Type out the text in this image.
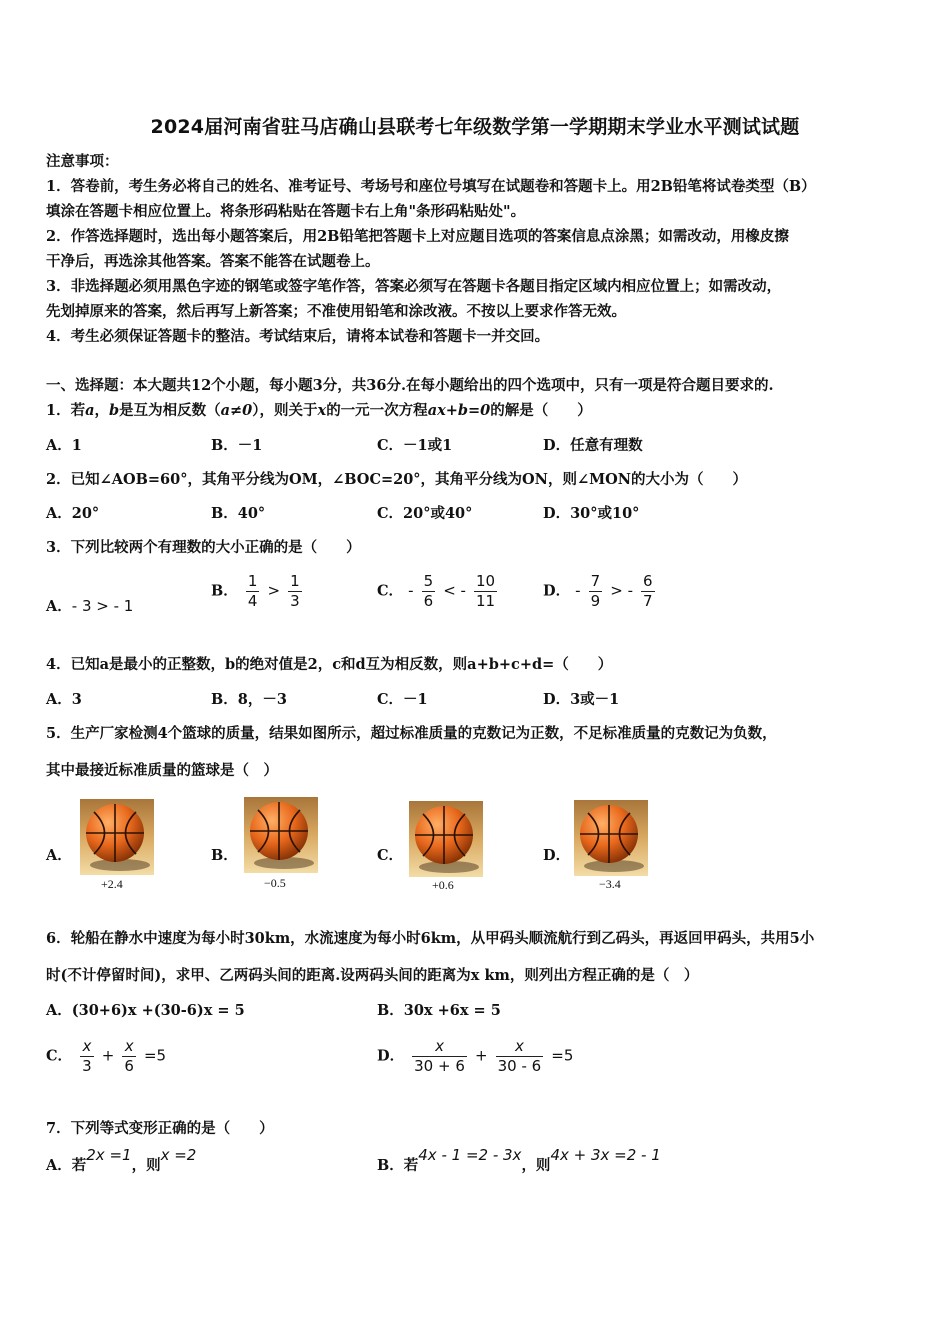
2024届河南省驻马店确山县联考七年级数学第一学期期末学业水平测试试题
注意事项：
1．答卷前，考生务必将自己的姓名、准考证号、考场号和座位号填写在试题卷和答题卡上。用2B铅笔将试卷类型（B）
填涂在答题卡相应位置上。将条形码粘贴在答题卡右上角"条形码粘贴处"。
2．作答选择题时，选出每小题答案后，用2B铅笔把答题卡上对应题目选项的答案信息点涂黑；如需改动，用橡皮擦
干净后，再选涂其他答案。答案不能答在试题卷上。
3．非选择题必须用黑色字迹的钢笔或签字笔作答，答案必须写在答题卡各题目指定区域内相应位置上；如需改动，
先划掉原来的答案，然后再写上新答案；不准使用铅笔和涂改液。不按以上要求作答无效。
4．考生必须保证答题卡的整洁。考试结束后，请将本试卷和答题卡一并交回。
一、选择题：本大题共12个小题，每小题3分，共36分.在每小题给出的四个选项中，只有一项是符合题目要求的.
1．若a，b是互为相反数（a≠0），则关于x的一元一次方程ax+b=0的解是（　　）
A．1	B．－1	C．－1或1	D．任意有理数
2．已知∠AOB=60°，其角平分线为OM，∠BOC=20°，其角平分线为ON，则∠MON的大小为（　　）
A．20°	B．40°	C．20°或40°	D．30°或10°
3．下列比较两个有理数的大小正确的是（　　）
A．- 3 > - 1
B． $\frac{1}{4} > \frac{1}{3}$	C． - $\frac{5}{6}$ < - $\frac{10}{11}$	D． - $\frac{7}{9}$ > - $\frac{6}{7}$
4．已知a是最小的正整数，b的绝对值是2，c和d互为相反数，则a+b+c+d=（　　）
A．3	B．8，－3	C．－1	D．3或－1
5．生产厂家检测4个篮球的质量，结果如图所示，超过标准质量的克数记为正数，不足标准质量的克数记为负数，
其中最接近标准质量的篮球是（　）
A．
+2.4
B．
−0.5
C．
+0.6
D．
−3.4
6．轮船在静水中速度为每小时30km，水流速度为每小时6km，从甲码头顺流航行到乙码头，再返回甲码头，共用5小
时(不计停留时间)，求甲、乙两码头间的距离.设两码头间的距离为x km，则列出方程正确的是（　）
A．(30+6)x +(30-6)x = 5	B．30x +6x = 5
C． $\frac{x}{3} + \frac{x}{6} =5$	D． $\frac{x}{30 + 6} + \frac{x}{30 - 6} =5$
7．下列等式变形正确的是（　　）
A．若2x =1，则x =2
B．若4x - 1 =2 - 3x，则4x + 3x =2 - 1
